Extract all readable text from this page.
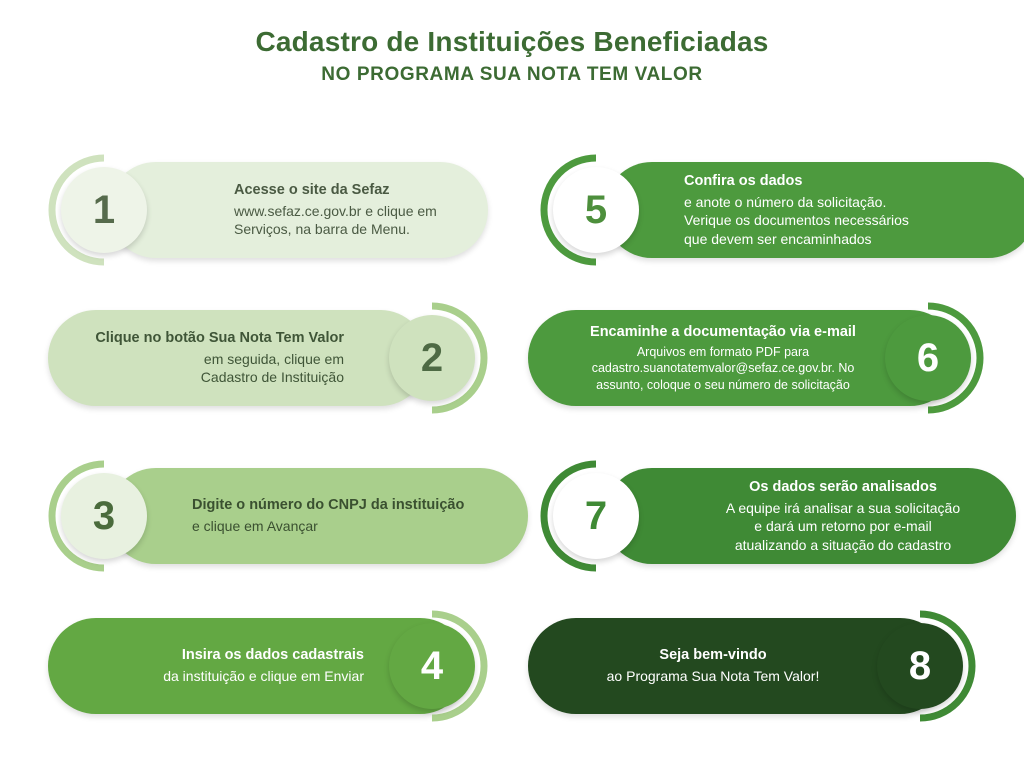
Cadastro de Instituições Beneficiadas
NO PROGRAMA SUA NOTA TEM VALOR
1	Acesse o site da Sefaz
www.sefaz.ce.gov.br e clique em
Serviços, na barra de Menu.
2
Clique no botão Sua Nota Tem Valor
em seguida, clique em
Cadastro de Instituição
3	Digite o número do CNPJ da instituição
e clique em Avançar
4
Insira os dados cadastrais
da instituição e clique em Enviar
5
Confira os dados
e anote o número da solicitação.
Verique os documentos necessários
que devem ser encaminhados
6
Encaminhe a documentação via e-mail
Arquivos em formato PDF para
cadastro.suanotatemvalor@sefaz.ce.gov.br. No
assunto, coloque o seu número de solicitação
7
Os dados serão analisados
A equipe irá analisar a sua solicitação
e dará um retorno por e-mail
atualizando a situação do cadastro
8
Seja bem-vindo
ao Programa Sua Nota Tem Valor!
